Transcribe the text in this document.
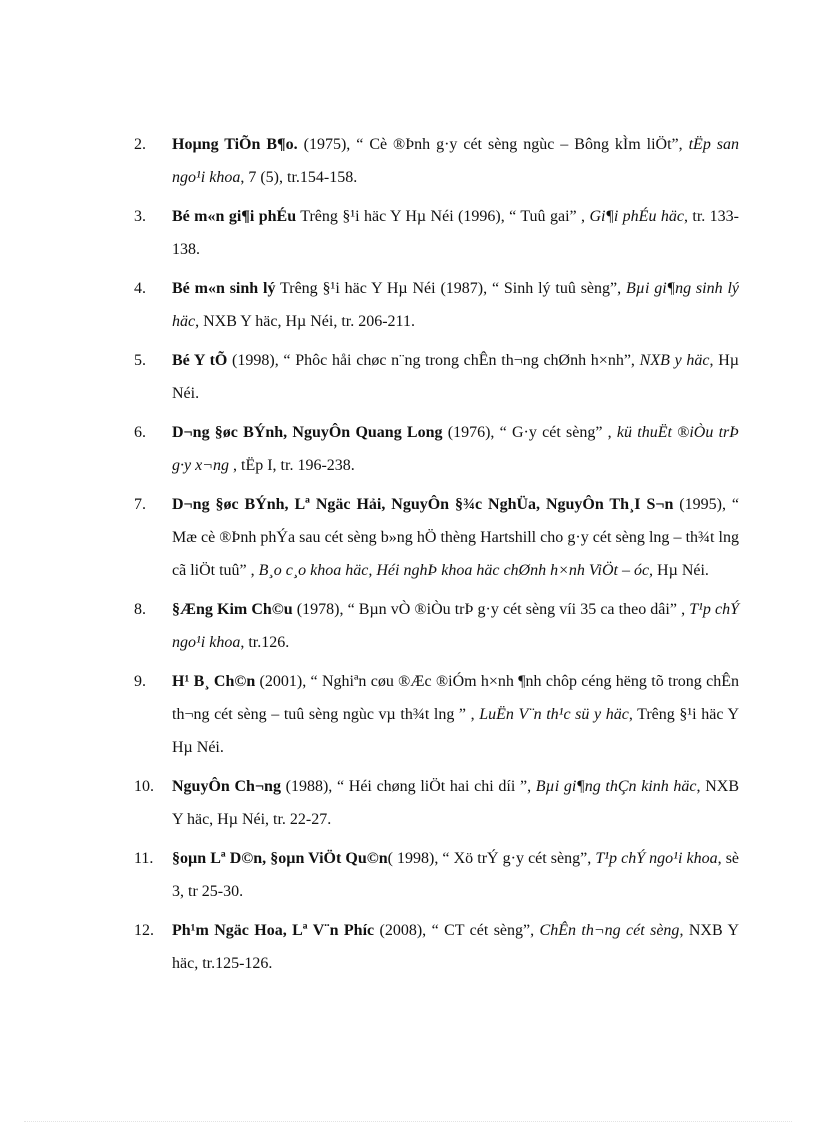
2. Hoµng TiÕn B¶o. (1975), “ Cè ®Þnh g·y cét sèng ngùc – Bông kÌm liÖt”, tËp san ngo¹i khoa, 7 (5), tr.154-158.
3. Bé m«n gi¶i phÉu Trêng §¹i häc Y Hµ Néi (1996), “ Tuû gai” , Gi¶i phÉu häc, tr. 133-138.
4. Bé m«n sinh lý Trêng §¹i häc Y Hµ Néi (1987), “ Sinh lý tuû sèng”, Bµi gi¶ng sinh lý häc, NXB Y häc, Hµ Néi, tr. 206-211.
5. Bé Y tÕ (1998), “ Phôc håi chøc n¨ng trong chÊn th¬ng chØnh h×nh”, NXB y häc, Hµ Néi.
6. D¬ng §øc BÝnh, NguyÔn Quang Long (1976), “ G·y cét sèng” , kü thuËt ®iÒu trÞ g·y x¬ng , tËp I, tr. 196-238.
7. D¬ng §øc BÝnh, Lª Ngäc Hải, NguyÔn §¾c NghÜa, NguyÔn Th¸I S¬n (1995), “ Mæ cè ®Þnh phÝa sau cét sèng b»ng hÖ thèng Hartshill cho g·y cét sèng lng – th¾t lng cã liÖt tuû” , B¸o c¸o khoa häc, Héi nghÞ khoa häc chØnh h×nh ViÖt – óc, Hµ Néi.
8. §Æng Kim Ch©u (1978), “ Bµn vÒ ®iÒu trÞ g·y cét sèng víi 35 ca theo dâi” , T¹p chÝ ngo¹i khoa, tr.126.
9. H¹ B¸ Ch©n (2001), “ Nghiªn cøu ®Æc ®iÓm h×nh ¶nh chôp céng hëng tõ trong chÊn th¬ng cét sèng – tuû sèng ngùc vµ th¾t lng ” , LuËn V¨n th¹c sü y häc, Trêng §¹i häc Y Hµ Néi.
10. NguyÔn Ch¬ng (1988), “ Héi chøng liÖt hai chi díi ”, Bµi gi¶ng thÇn kinh häc, NXB Y häc, Hµ Néi, tr. 22-27.
11. §oµn Lª D©n, §oµn ViÖt Qu©n( 1998), “ Xö trÝ g·y cét sèng”, T¹p chÝ ngo¹i khoa, sè 3, tr 25-30.
12. Ph¹m Ngäc Hoa, Lª V¨n Phíc (2008), “ CT cét sèng”, ChÊn th¬ng cét sèng, NXB Y häc, tr.125-126.
